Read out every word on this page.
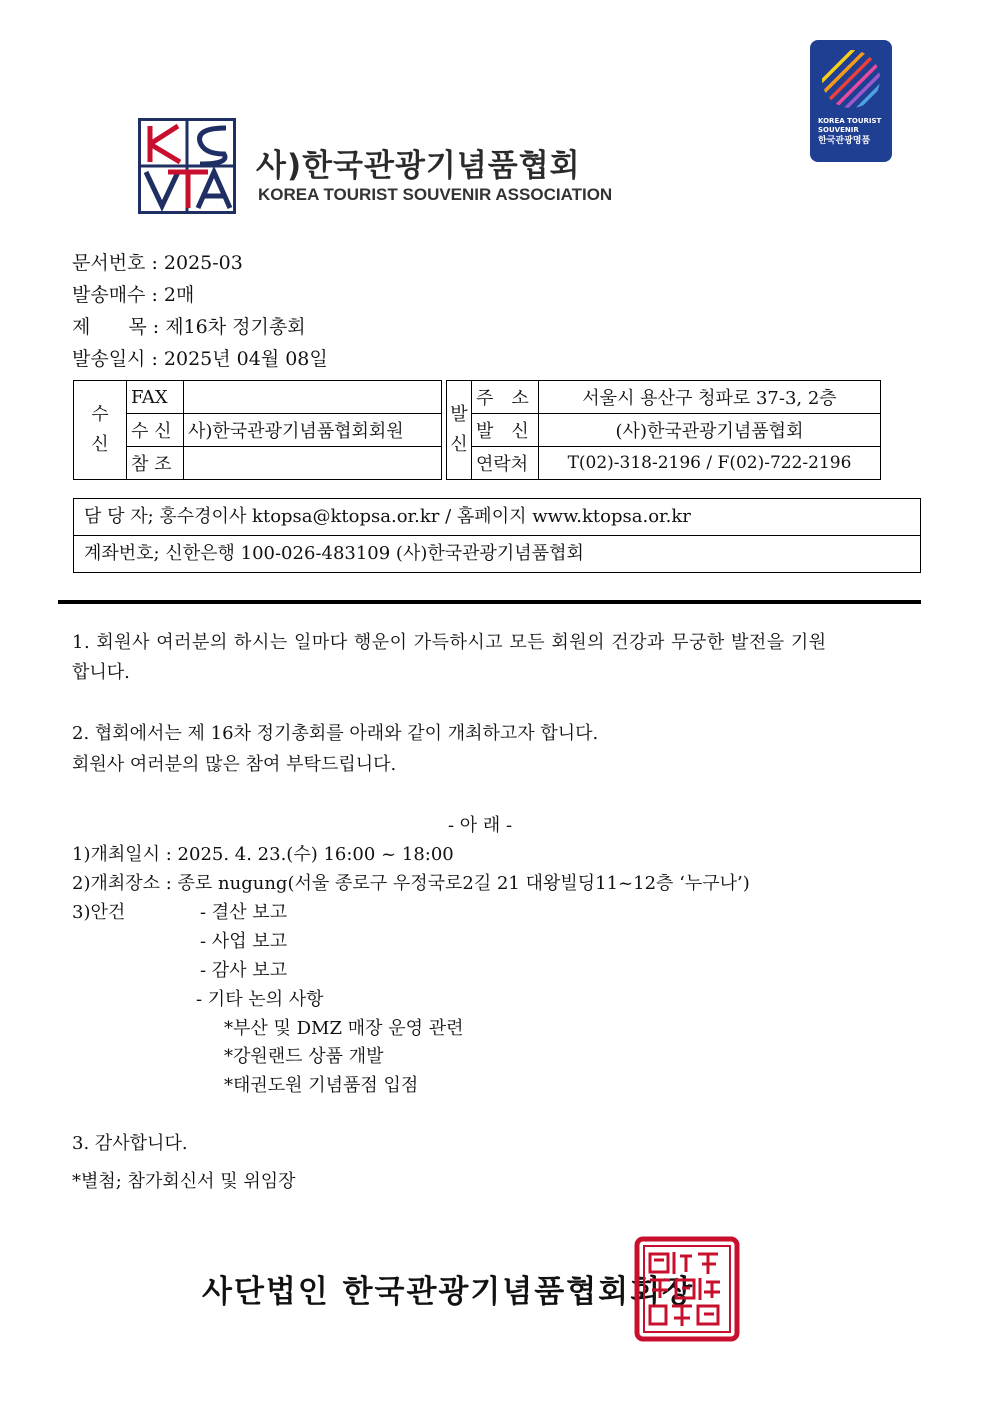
사)한국관광기념품협회
KOREA TOURIST SOUVENIR ASSOCIATION
KOREA TOURIST
SOUVENIR
한국관광명품
문서번호 : 2025-03
발송매수 : 2매
제　　목 : 제16차 정기총회
발송일시 : 2025년 04월 08일
수신	FAX	
	수 신	사)한국관광기념품협회회원
	참 조	
발신	주　소	서울시 용산구 청파로 37-3, 2층
	발　신	(사)한국관광기념품협회
	연락처	T(02)-318-2196 / F(02)-722-2196
담 당 자; 홍수경이사 ktopsa@ktopsa.or.kr / 홈페이지 www.ktopsa.or.kr
계좌번호; 신한은행 100-026-483109 (사)한국관광기념품협회
1. 회원사 여러분의 하시는 일마다 행운이 가득하시고 모든 회원의 건강과 무궁한 발전을 기원
합니다.
2. 협회에서는 제 16차 정기총회를 아래와 같이 개최하고자 합니다.
회원사 여러분의 많은 참여 부탁드립니다.
- 아 래 -
1)개최일시 : 2025. 4. 23.(수) 16:00 ~ 18:00
2)개최장소 : 종로 nugung(서울 종로구 우정국로2길 21 대왕빌딩11~12층 ‘누구나’)
3)안건	- 결산 보고
- 사업 보고
- 감사 보고
- 기타 논의 사항
*부산 및 DMZ 매장 운영 관련
*강원랜드 상품 개발
*태권도원 기념품점 입점
3. 감사합니다.
*별첨; 참가회신서 및 위임장
사단법인 한국관광기념품협회회장
